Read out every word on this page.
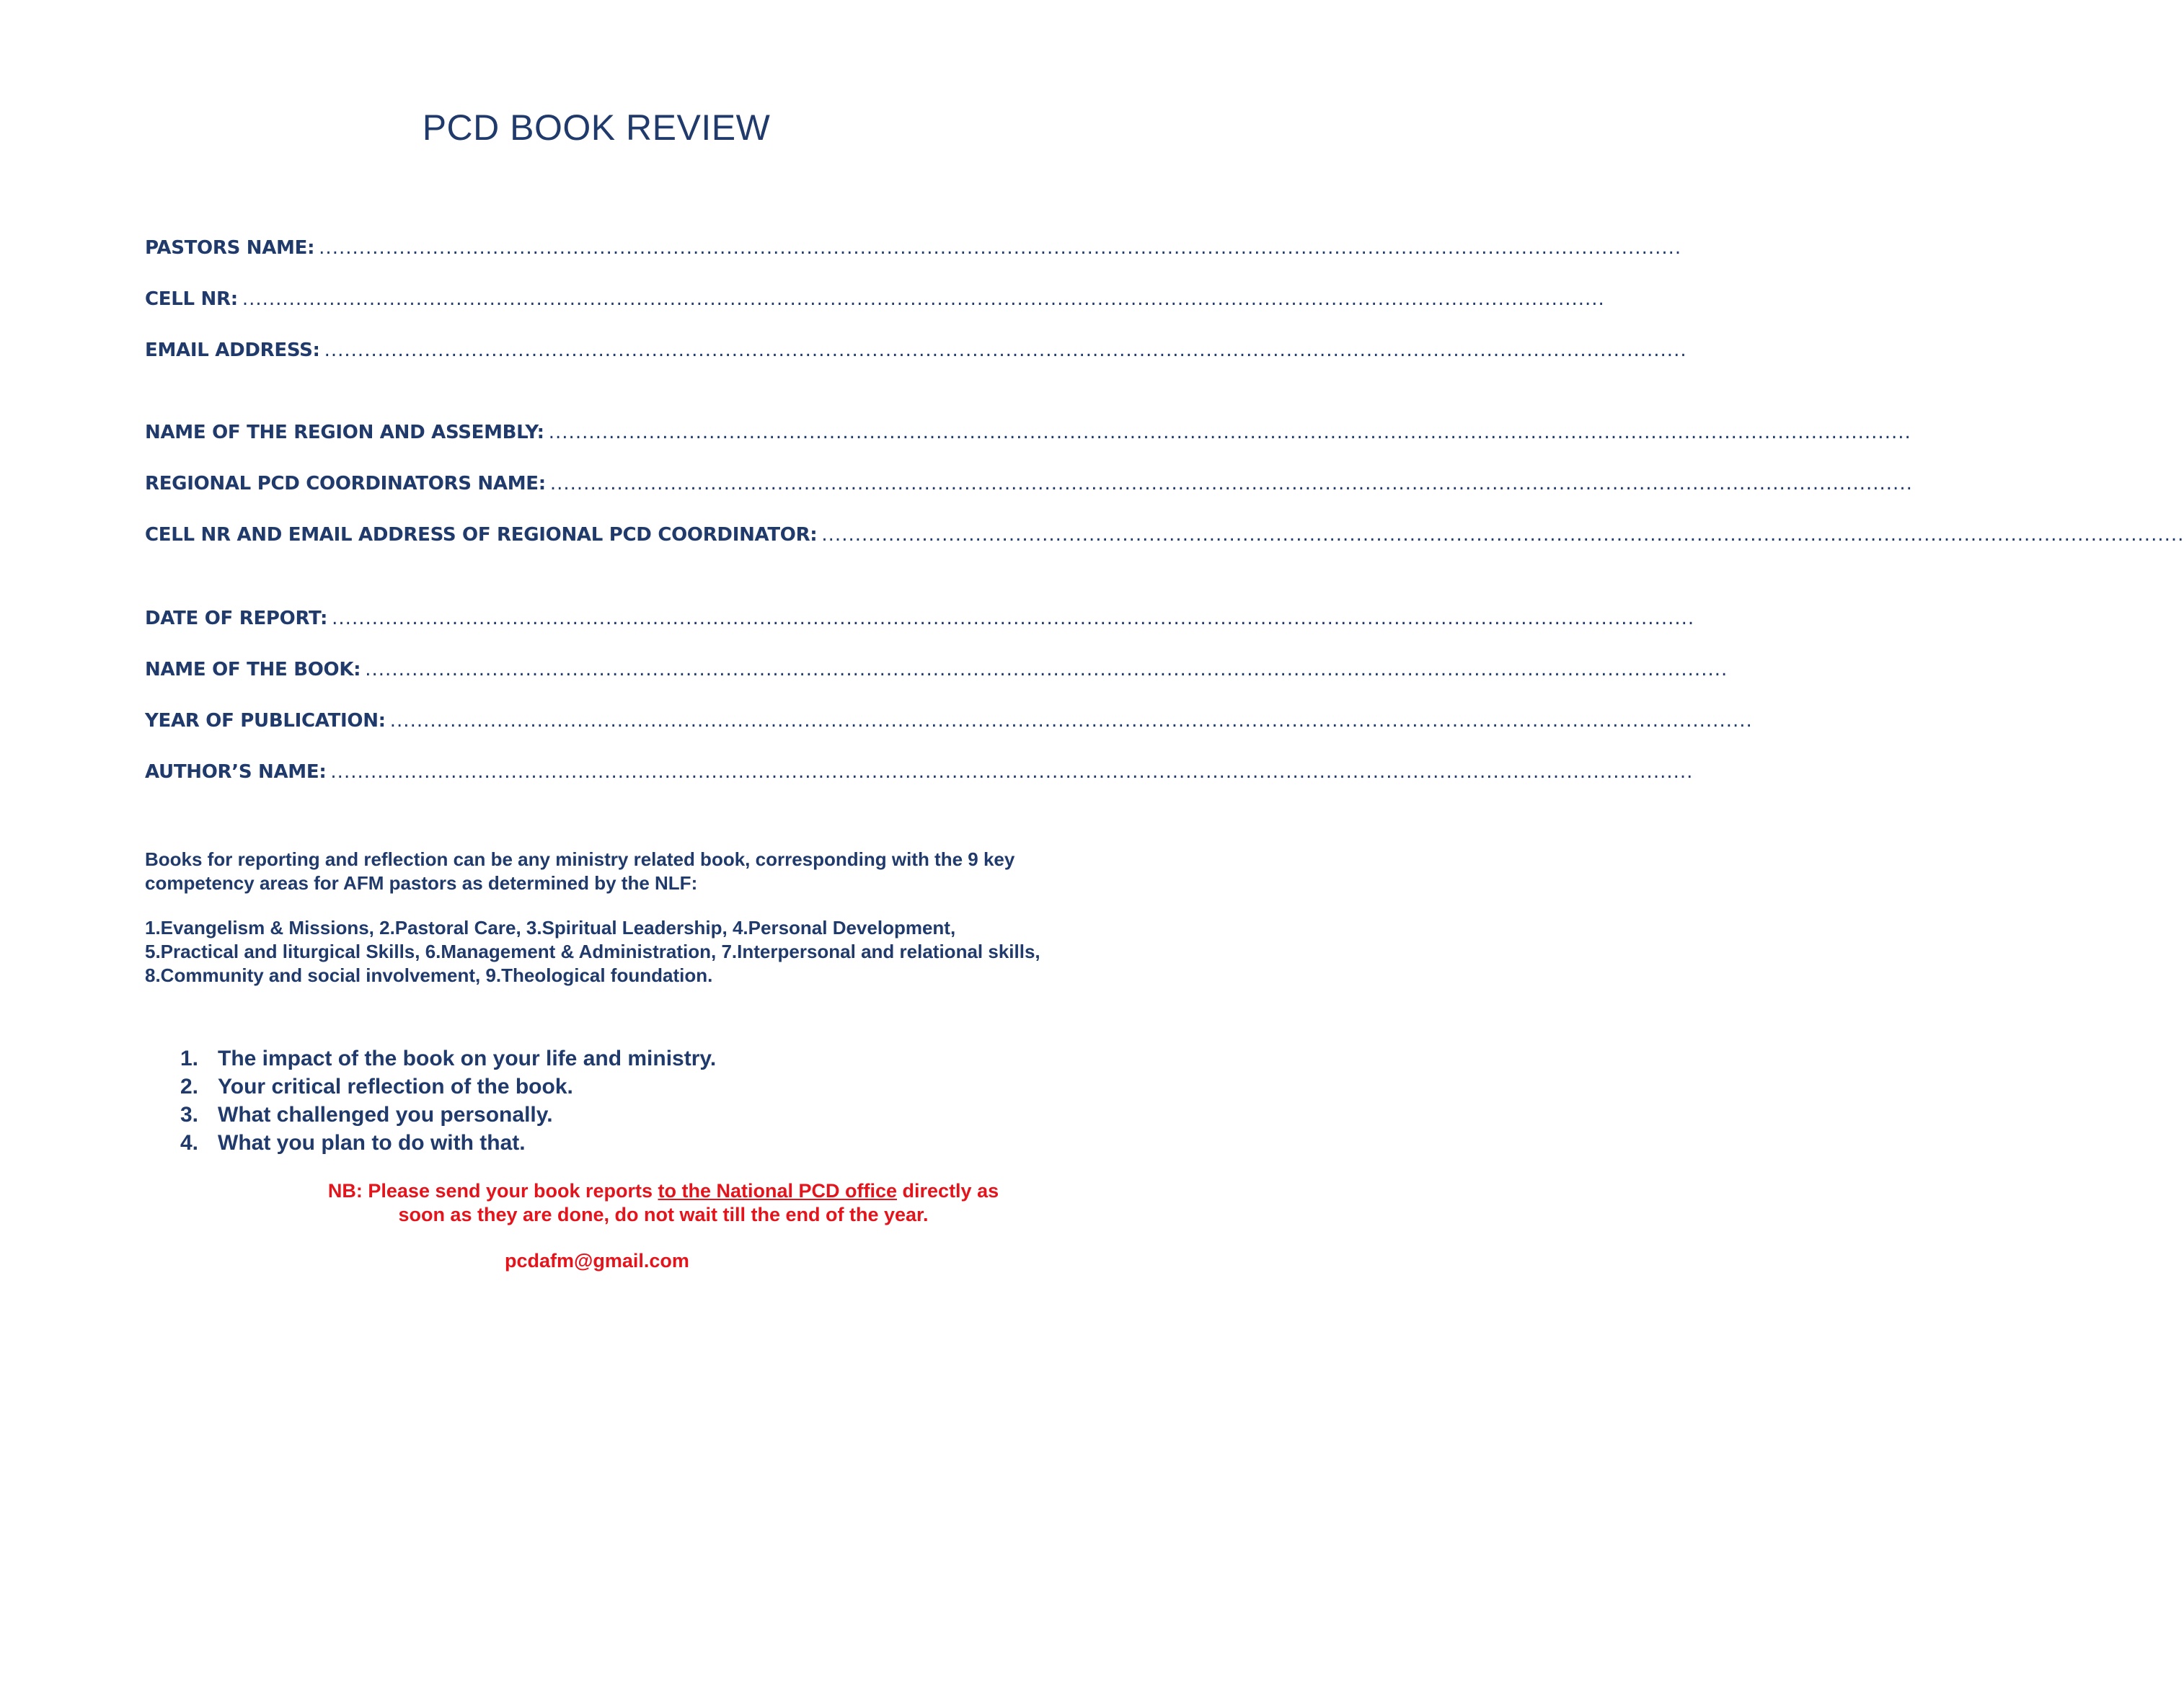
PCD BOOK REVIEW
PASTORS NAME: ............................................................................................................................................................................................................
CELL NR: ............................................................................................................................................................................................................
EMAIL ADDRESS: ............................................................................................................................................................................................................
NAME OF THE REGION AND ASSEMBLY: ............................................................................................................................................................................................................
REGIONAL PCD COORDINATORS NAME: ............................................................................................................................................................................................................
CELL NR AND EMAIL ADDRESS OF REGIONAL PCD COORDINATOR: ............................................................................................................................................................................................................
DATE OF REPORT: ............................................................................................................................................................................................................
NAME OF THE BOOK: ............................................................................................................................................................................................................
YEAR OF PUBLICATION: ............................................................................................................................................................................................................
AUTHOR’S NAME: ............................................................................................................................................................................................................
Books for reporting and reflection can be any ministry related book, corresponding with the 9 key competency areas for AFM pastors as determined by the NLF:
1.Evangelism & Missions, 2.Pastoral Care, 3.Spiritual Leadership, 4.Personal Development, 5.Practical and liturgical Skills, 6.Management & Administration, 7.Interpersonal and relational skills, 8.Community and social involvement, 9.Theological foundation.
1. The impact of the book on your life and ministry.
2. Your critical reflection of the book.
3. What challenged you personally.
4. What you plan to do with that.
NB: Please send your book reports to the National PCD office directly as soon as they are done, do not wait till the end of the year.
pcdafm@gmail.com
